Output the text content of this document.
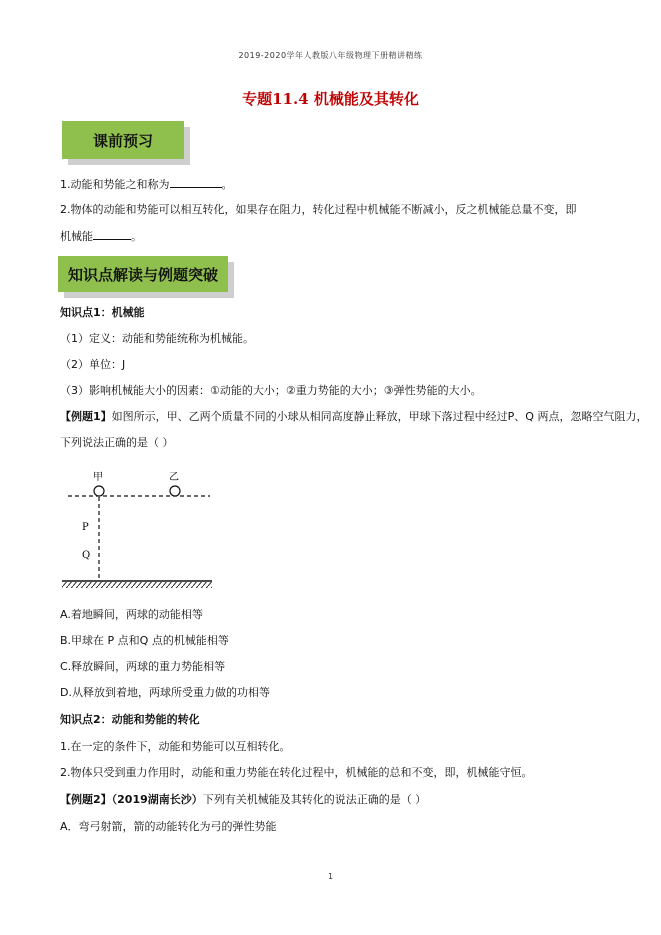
2019-2020学年人教版八年级物理下册精讲精练
专题11.4 机械能及其转化
课前预习
1.动能和势能之和称为	。
2.物体的动能和势能可以相互转化，如果存在阻力，转化过程中机械能不断减小，反之机械能总量不变，即
机械能	。
知识点解读与例题突破
知识点1：机械能
（1）定义：动能和势能统称为机械能。
（2）单位：J
（3）影响机械能大小的因素：①动能的大小；②重力势能的大小；③弹性势能的大小。
【例题1】如图所示，甲、乙两个质量不同的小球从相同高度静止释放，甲球下落过程中经过P、Q 两点，忽略空气阻力，
下列说法正确的是（ ）
甲	乙
P
Q
A.着地瞬间，两球的动能相等
B.甲球在 P 点和Q 点的机械能相等
C.释放瞬间，两球的重力势能相等
D.从释放到着地，两球所受重力做的功相等
知识点2：动能和势能的转化
1.在一定的条件下，动能和势能可以互相转化。
2.物体只受到重力作用时，动能和重力势能在转化过程中，机械能的总和不变，即，机械能守恒。
【例题2】（2019湖南长沙）下列有关机械能及其转化的说法正确的是（ ）
A．弯弓射箭，箭的动能转化为弓的弹性势能
1
